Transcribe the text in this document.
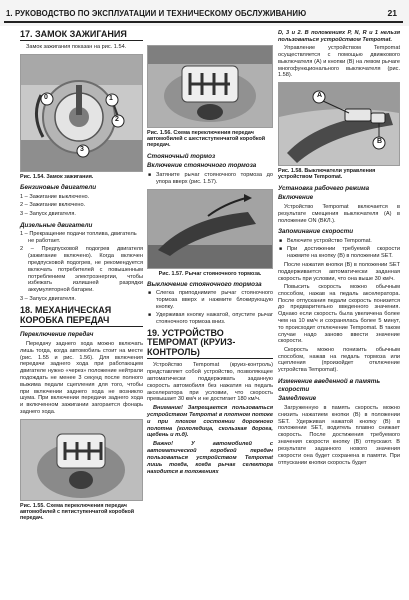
1. РУКОВОДСТВО ПО ЭКСПЛУАТАЦИИ И ТЕХНИЧЕСКОМУ ОБСЛУЖИВАНИЮ	21
17. ЗАМОК ЗАЖИГАНИЯ

Замок зажигания показан на рис. 1.54.

1
2
3
0
Рис. 1.54. Замок зажигания.
Бензиновые двигатели
1 – Зажигание выключено.
2 – Зажигание включено.
3 – Запуск двигателя.
Дизельные двигатели
1 – Прекращение подачи топлива, двигатель не работает.
2 – Предпусковой подогрев двигателя (зажигание включено). Когда включен предпусковой подогрев, не рекомендуется включать потребителей с повышенным потреблением электроэнергии, чтобы избежать излишней разрядки аккумуляторной батареи.
3 – Запуск двигателя.
18. МЕХАНИЧЕСКАЯ КОРОБКА ПЕРЕДАЧ
Переключение передач

Передачу заднего хода можно включать лишь тогда, когда автомобиль стоит на месте (рис. 1.55 и рис. 1.56). Для включения передачи заднего хода при работающем двигателе нужно «через» положение нейтрали подождать не менее 3 секунд после полного выжима педали сцепления для того, чтобы при включении заднего хода не возникло шума. При включении передачи заднего хода и включенном зажигании загорается фонарь заднего хода.

Рис. 1.55. Схема переключения передач автомобилей с пятиступенчатой коробкой передач.
Рис. 1.56. Схема переключения передач автомобилей с шестиступенчатой коробкой передач.
Стояночный тормоз
Включение стояночного тормоза
■ Затяните рычаг стояночного тормоза до упора вверх (рис. 1.57).
Рис. 1.57. Рычаг стояночного тормоза.
Выключение стояночного тормоза
■ Слегка приподнимите рычаг стояночного тормоза вверх и нажмите блокирующую кнопку.
■ Удерживая кнопку нажатой, опустите рычаг стояночного тормоза вниз.
19. УСТРОЙСТВО TEMPOMAT (КРУИЗ-КОНТРОЛЬ)

Устройство Tempomat (круиз-контроль) представляет собой устройство, позволяющее автоматически поддерживать заданную скорость автомобиля без нажатия на педаль акселератора при условии, что скорость превышает 30 км/ч и не достигает 180 км/ч.

Внимание! Запрещается пользоваться устройством Tempomat в плотном потоке и при плохом состоянии дорожного полотна (гололедица, скользкая дорога, щебень и т.д).

Важно! У автомобилей с автоматической коробкой передач пользоваться устройством Tempomat лишь тогда, когда рычаг селектора находится в положениях

D, 3 и 2. В положениях P, N, R и 1 нельзя пользоваться устройством Tempomat.

Управление устройством Tempomat осуществляется с помощью движкового выключателя (A) и кнопки (B) на левом рычаге многофункционального выключателя (рис. 1.58).

A
B
Рис. 1.58. Выключатели управления устройством Tempomat.
Установка рабочего режима
Включение

Устройство Tempomat включается в результате смещения выключателя (A) в положение ON (ВКЛ.).

Запоминание скорости
■ Включите устройство Tempomat.
■ При достижении требуемой скорости нажмите на кнопку (B) в положении SET.

После нажатия кнопки (B) в положении SET поддерживается автоматически заданная скорость при условии, что она выше 30 км/ч.

Повысить скорость можно обычным способом, нажав на педаль акселератора. После отпускания педали скорость понизится до предварительно введенного значения. Однако если скорость была увеличена более чем на 10 км/ч и сохранялась более 5 минут, то происходит отключение Tempomat. В таком случае надо заново ввести значение скорости.

Скорость можно понизить обычным способом, нажав на педаль тормоза или сцепления (произойдет отключение устройства Tempomat).

Изменение введенной в память скорости
Замедление

Загруженную в память скорость можно снизить нажатием кнопки (B) в положении SET. Удерживая нажатой кнопку (B) в положении SET, водитель плавно снижает скорость. После достижения требуемого значения скорости кнопку (B) отпускают. В результате заданного нового значения скорости она будет сохранена в памяти. При отпускании кнопки скорость будет
